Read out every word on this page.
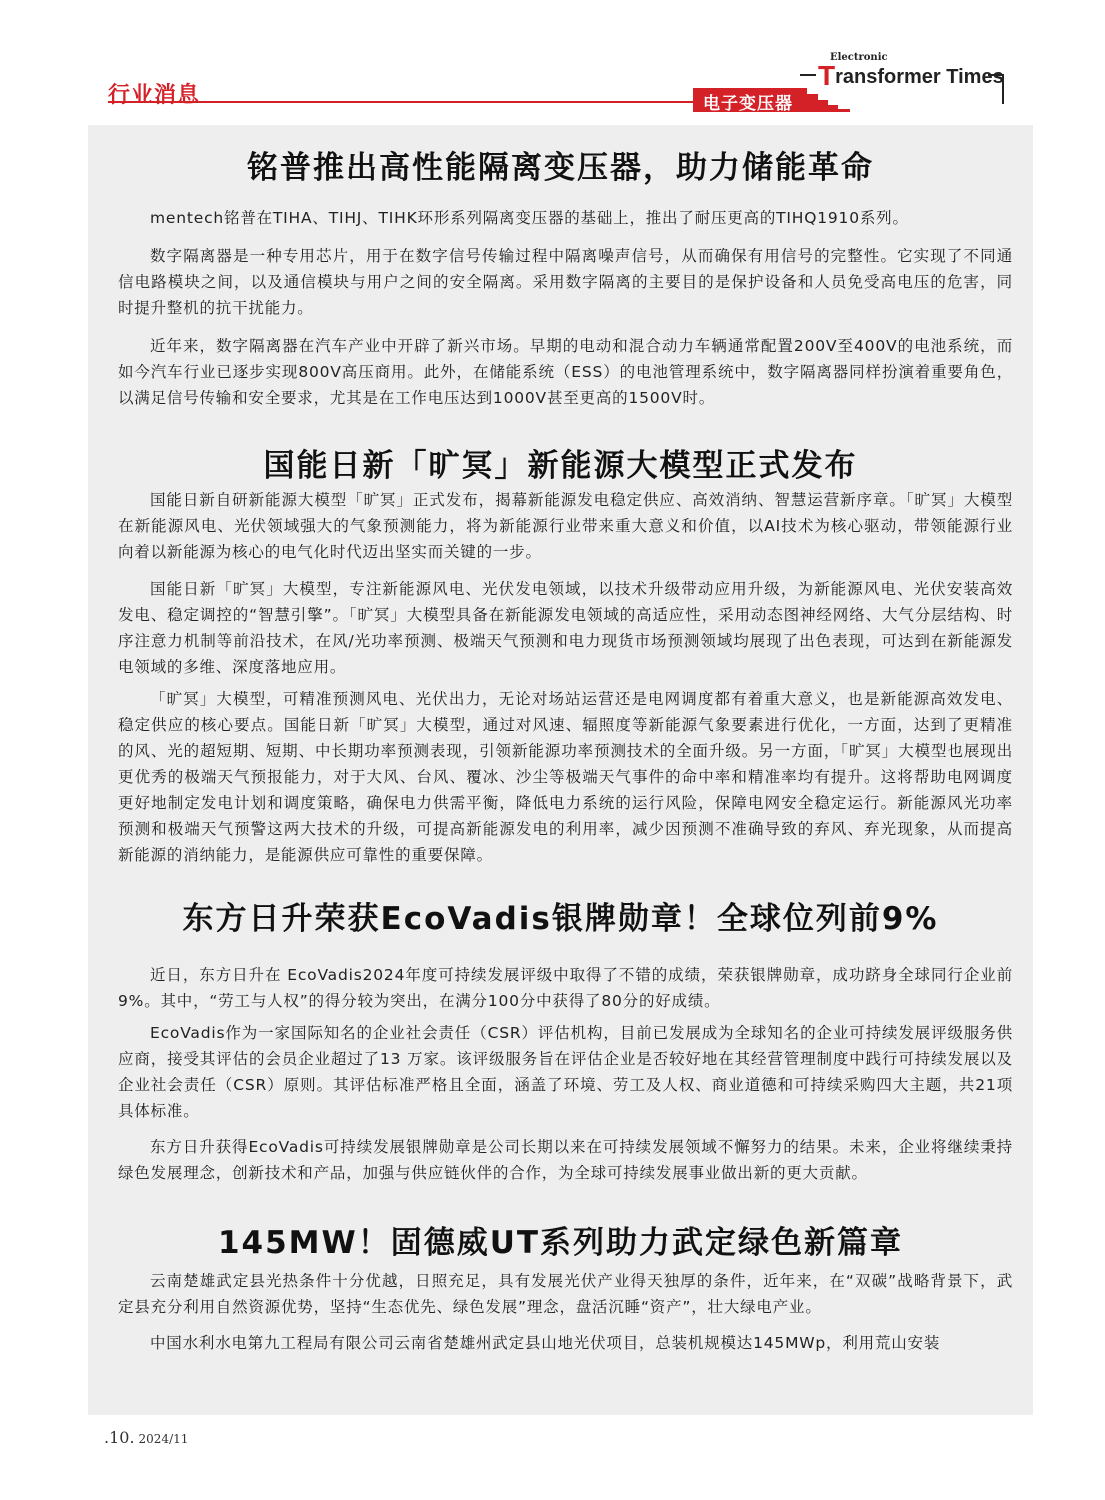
行业消息
Electronic
Transformer Times
电子变压器
铭普推出高性能隔离变压器，助力储能革命

mentech铭普在TIHA、TIHJ、TIHK环形系列隔离变压器的基础上，推出了耐压更高的TIHQ1910系列。

数字隔离器是一种专用芯片，用于在数字信号传输过程中隔离噪声信号，从而确保有用信号的完整性。它实现了不同通信电路模块之间，以及通信模块与用户之间的安全隔离。采用数字隔离的主要目的是保护设备和人员免受高电压的危害，同时提升整机的抗干扰能力。

近年来，数字隔离器在汽车产业中开辟了新兴市场。早期的电动和混合动力车辆通常配置200V至400V的电池系统，而如今汽车行业已逐步实现800V高压商用。此外，在储能系统（ESS）的电池管理系统中，数字隔离器同样扮演着重要角色，以满足信号传输和安全要求，尤其是在工作电压达到1000V甚至更高的1500V时。

国能日新「旷冥」新能源大模型正式发布

国能日新自研新能源大模型「旷冥」正式发布，揭幕新能源发电稳定供应、高效消纳、智慧运营新序章。「旷冥」大模型在新能源风电、光伏领域强大的气象预测能力，将为新能源行业带来重大意义和价值，以AI技术为核心驱动，带领能源行业向着以新能源为核心的电气化时代迈出坚实而关键的一步。

国能日新「旷冥」大模型，专注新能源风电、光伏发电领域，以技术升级带动应用升级，为新能源风电、光伏安装高效发电、稳定调控的“智慧引擎”。「旷冥」大模型具备在新能源发电领域的高适应性，采用动态图神经网络、大气分层结构、时序注意力机制等前沿技术，在风/光功率预测、极端天气预测和电力现货市场预测领域均展现了出色表现，可达到在新能源发电领域的多维、深度落地应用。

「旷冥」大模型，可精准预测风电、光伏出力，无论对场站运营还是电网调度都有着重大意义，也是新能源高效发电、稳定供应的核心要点。国能日新「旷冥」大模型，通过对风速、辐照度等新能源气象要素进行优化，一方面，达到了更精准的风、光的超短期、短期、中长期功率预测表现，引领新能源功率预测技术的全面升级。另一方面，「旷冥」大模型也展现出更优秀的极端天气预报能力，对于大风、台风、覆冰、沙尘等极端天气事件的命中率和精准率均有提升。这将帮助电网调度更好地制定发电计划和调度策略，确保电力供需平衡，降低电力系统的运行风险，保障电网安全稳定运行。新能源风光功率预测和极端天气预警这两大技术的升级，可提高新能源发电的利用率，减少因预测不准确导致的弃风、弃光现象，从而提高新能源的消纳能力，是能源供应可靠性的重要保障。

东方日升荣获EcoVadis银牌勋章！全球位列前9%

近日，东方日升在 EcoVadis2024年度可持续发展评级中取得了不错的成绩，荣获银牌勋章，成功跻身全球同行企业前9%。其中，“劳工与人权”的得分较为突出，在满分100分中获得了80分的好成绩。

EcoVadis作为一家国际知名的企业社会责任（CSR）评估机构，目前已发展成为全球知名的企业可持续发展评级服务供应商，接受其评估的会员企业超过了13 万家。该评级服务旨在评估企业是否较好地在其经营管理制度中践行可持续发展以及企业社会责任（CSR）原则。其评估标准严格且全面，涵盖了环境、劳工及人权、商业道德和可持续采购四大主题，共21项具体标准。

东方日升获得EcoVadis可持续发展银牌勋章是公司长期以来在可持续发展领域不懈努力的结果。未来，企业将继续秉持绿色发展理念，创新技术和产品，加强与供应链伙伴的合作，为全球可持续发展事业做出新的更大贡献。

145MW！固德威UT系列助力武定绿色新篇章

云南楚雄武定县光热条件十分优越，日照充足，具有发展光伏产业得天独厚的条件，近年来，在“双碳”战略背景下，武定县充分利用自然资源优势，坚持“生态优先、绿色发展”理念，盘活沉睡“资产”，壮大绿电产业。

中国水利水电第九工程局有限公司云南省楚雄州武定县山地光伏项目，总装机规模达145MWp，利用荒山安装

.10. 2024/11
